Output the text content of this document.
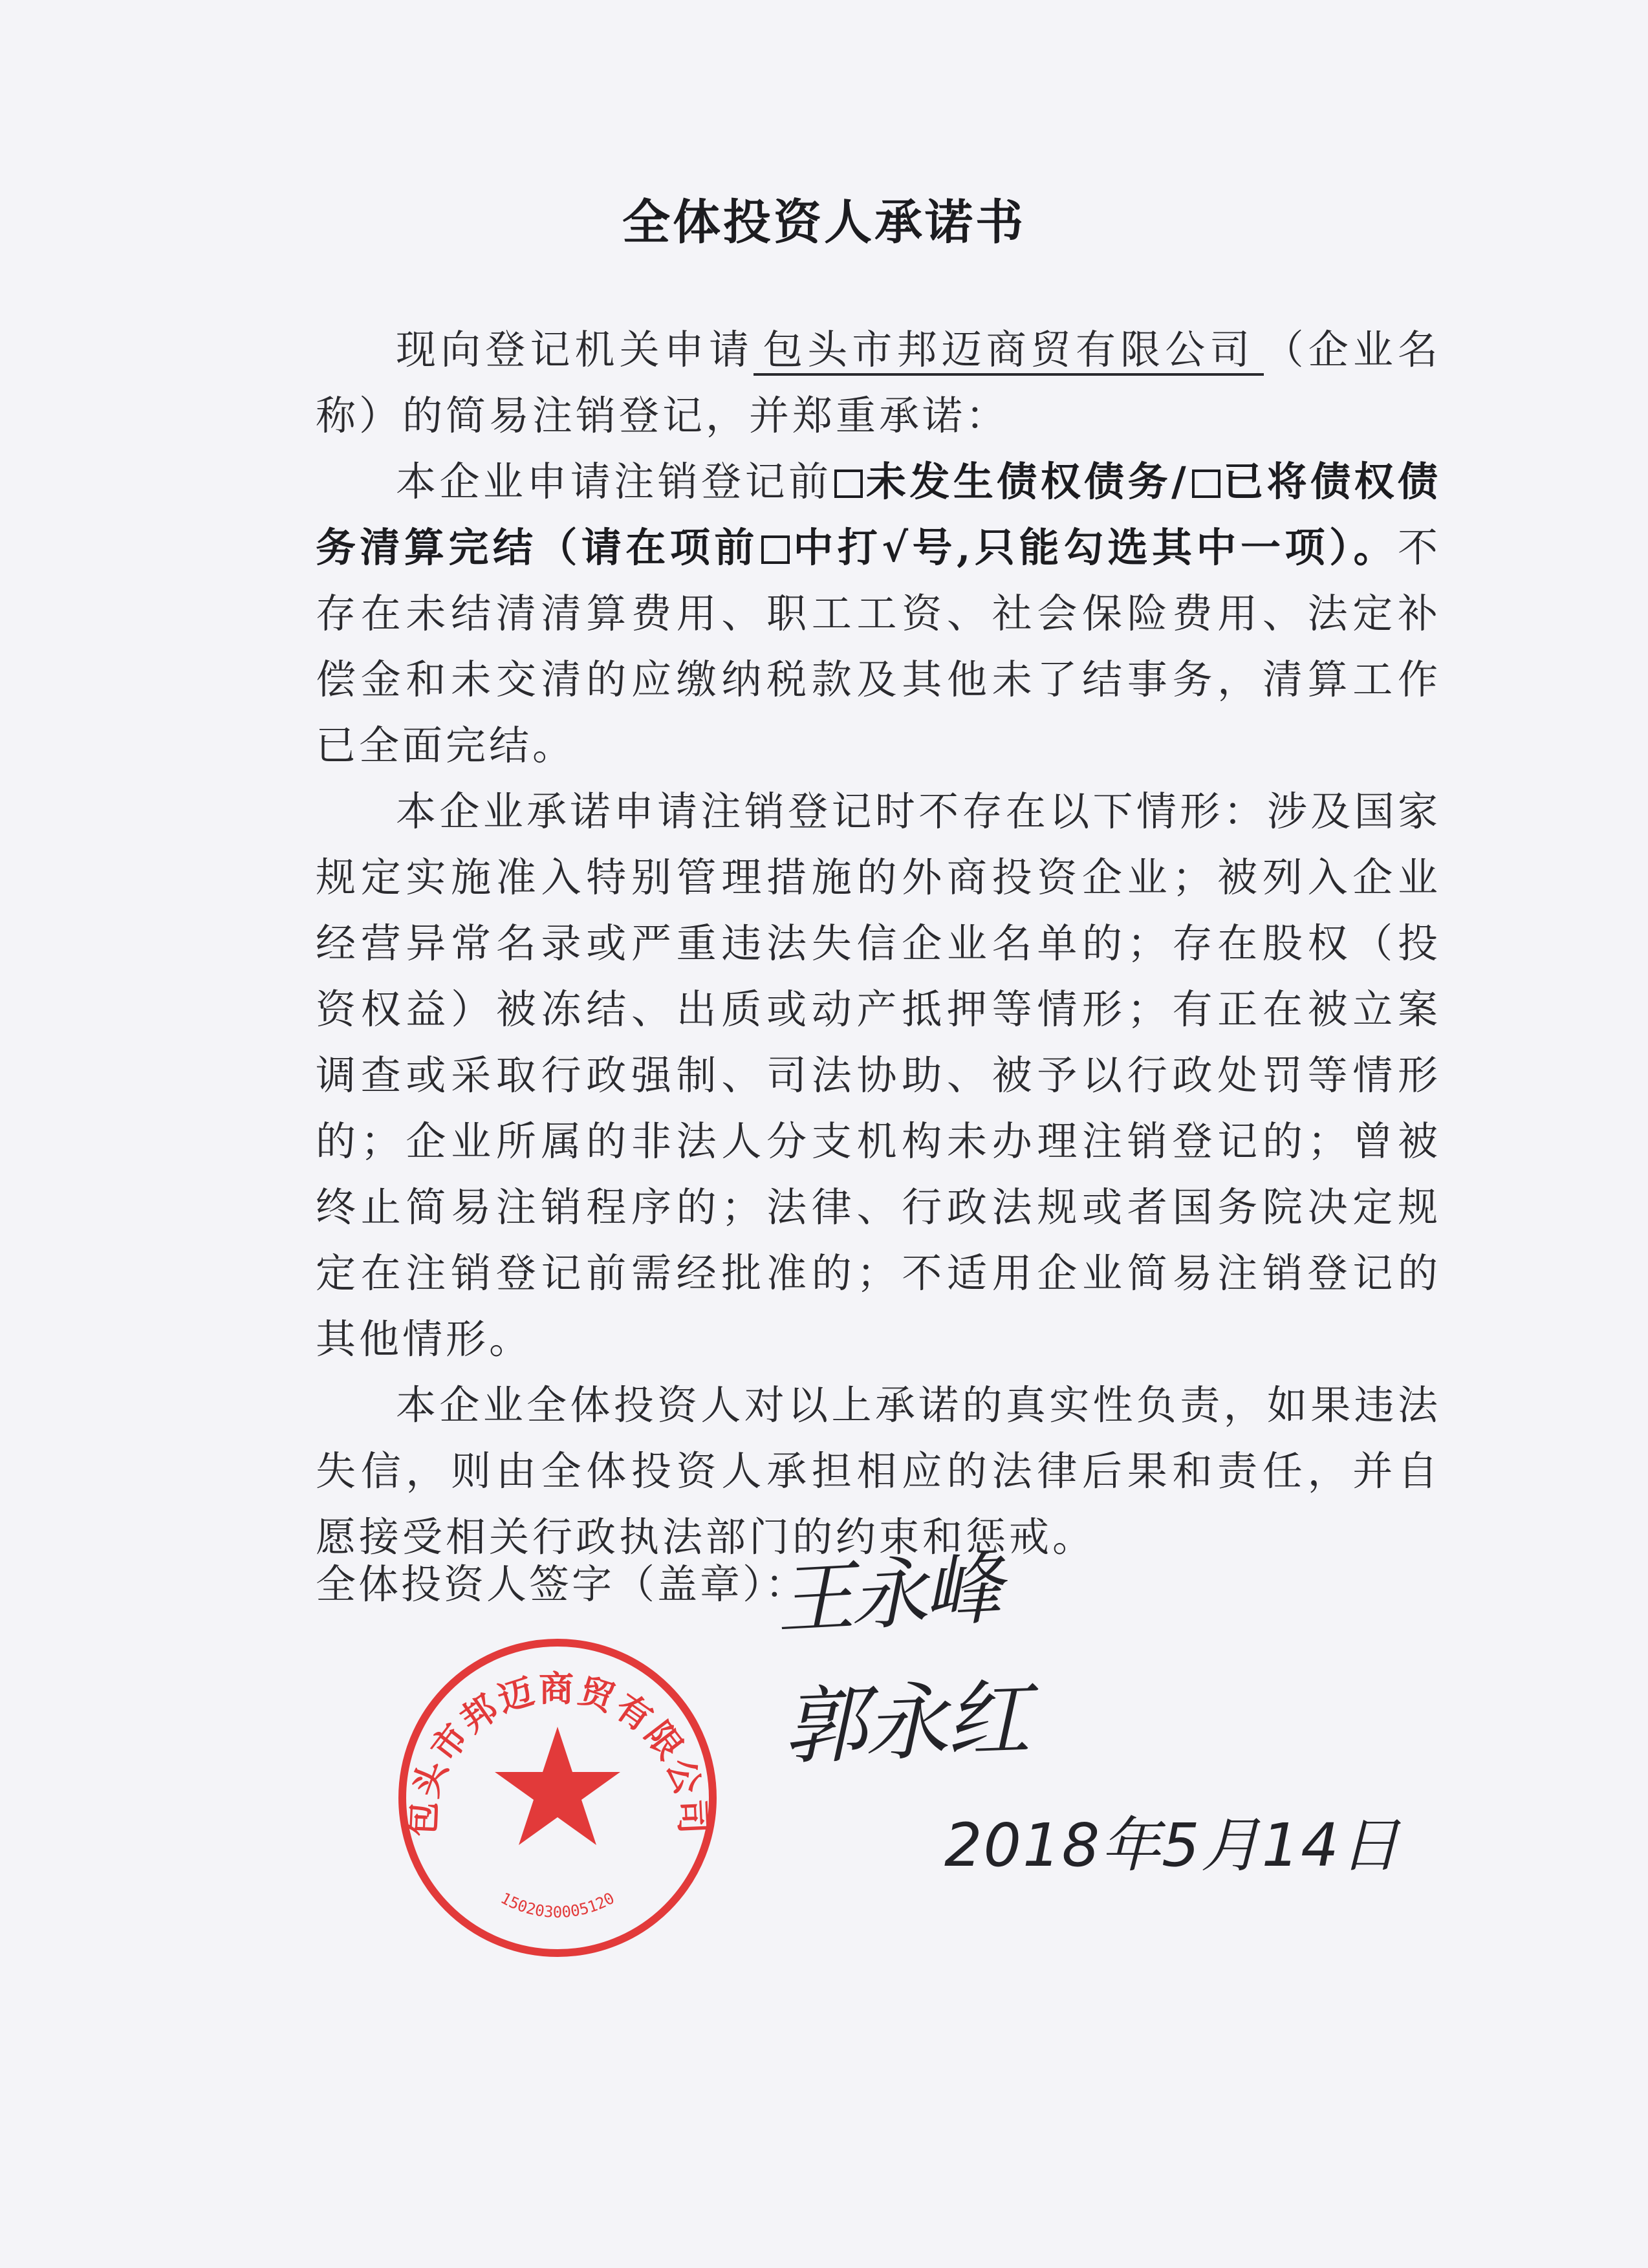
全体投资人承诺书

现向登记机关申请 包头市邦迈商贸有限公司 （企业名称）的简易注销登记，并郑重承诺：

本企业申请注销登记前 未发生债权债务/ 已将债权债务清算完结（请在项前 中打√号,只能勾选其中一项）。不存在未结清清算费用、职工工资、社会保险费用、法定补偿金和未交清的应缴纳税款及其他未了结事务，清算工作已全面完结。

本企业承诺申请注销登记时不存在以下情形：涉及国家规定实施准入特别管理措施的外商投资企业；被列入企业经营异常名录或严重违法失信企业名单的；存在股权（投资权益）被冻结、出质或动产抵押等情形；有正在被立案调查或采取行政强制、司法协助、被予以行政处罚等情形的；企业所属的非法人分支机构未办理注销登记的；曾被终止简易注销程序的；法律、行政法规或者国务院决定规定在注销登记前需经批准的；不适用企业简易注销登记的其他情形。

本企业全体投资人对以上承诺的真实性负责，如果违法失信，则由全体投资人承担相应的法律后果和责任，并自愿接受相关行政执法部门的约束和惩戒。

全体投资人签字（盖章）：
包头市邦迈商贸有限公司
1502030005120
王永峰
郭永红
2018年5月14日
